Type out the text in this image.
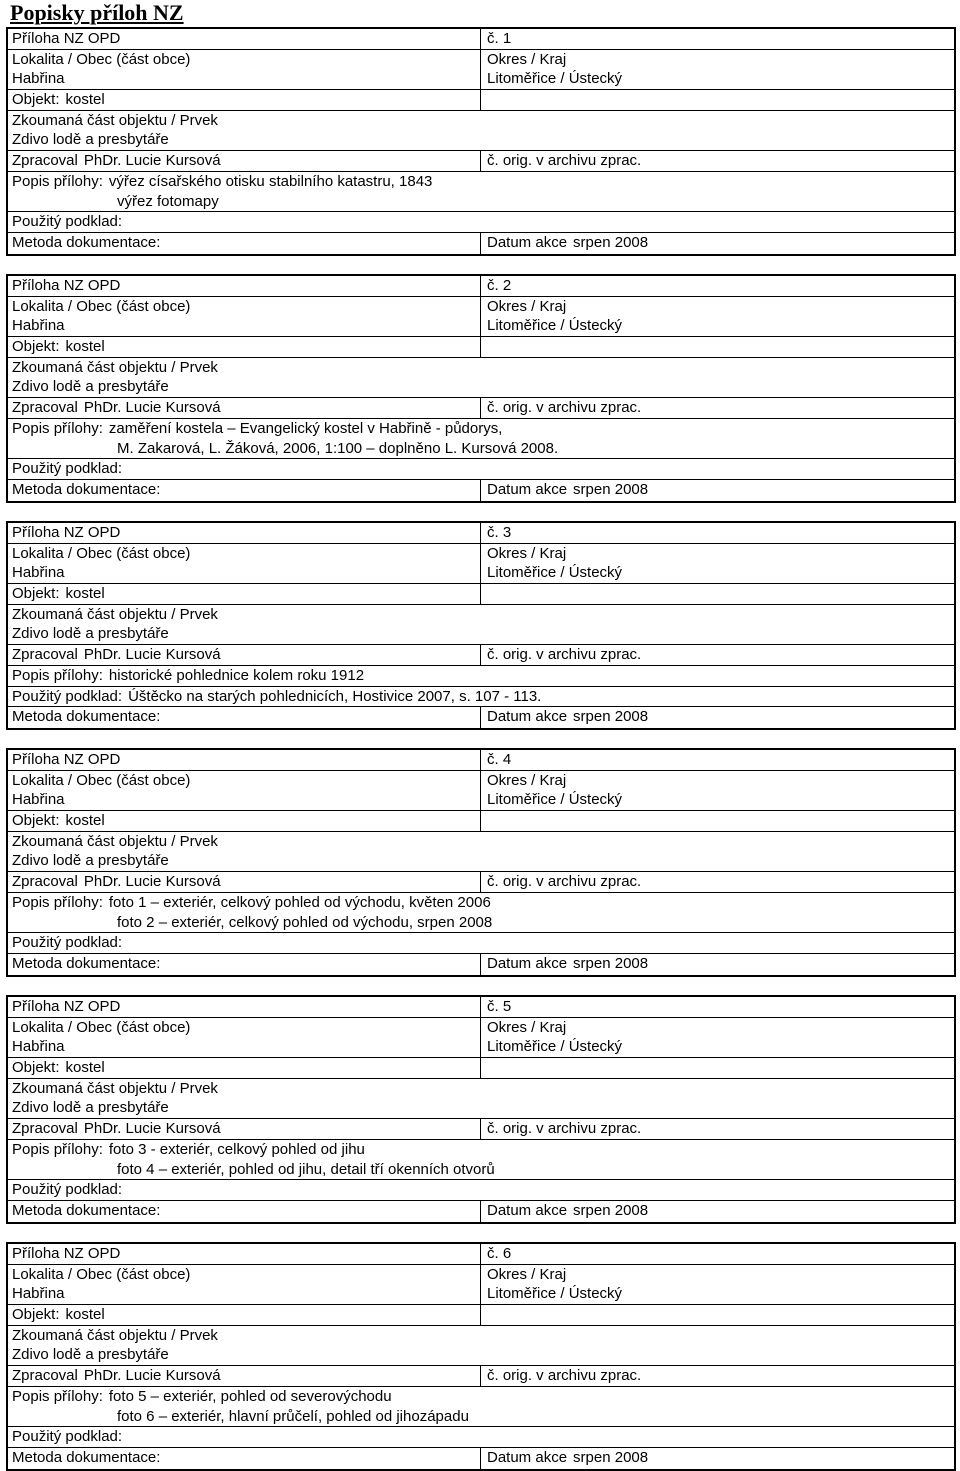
Popisky příloh NZ
Příloha NZ OPD	č. 1
Lokalita / Obec (část obce)
Habřina
Okres / Kraj
Litoměřice / Ústecký
Objekt: kostel
Zkoumaná část objektu / Prvek
Zdivo lodě a presbytáře
Zpracoval PhDr. Lucie Kursová	č. orig. v archivu zprac.
Popis přílohy: výřez císařského otisku stabilního katastru, 1843
výřez fotomapy
Použitý podklad:
Metoda dokumentace:	Datum akce srpen 2008
Příloha NZ OPD	č. 2
Lokalita / Obec (část obce)
Habřina
Okres / Kraj
Litoměřice / Ústecký
Objekt: kostel
Zkoumaná část objektu / Prvek
Zdivo lodě a presbytáře
Zpracoval PhDr. Lucie Kursová	č. orig. v archivu zprac.
Popis přílohy: zaměření kostela – Evangelický kostel v Habřině - půdorys,
M. Zakarová, L. Žáková, 2006, 1:100 – doplněno L. Kursová 2008.
Použitý podklad:
Metoda dokumentace:	Datum akce srpen 2008
Příloha NZ OPD	č. 3
Lokalita / Obec (část obce)
Habřina
Okres / Kraj
Litoměřice / Ústecký
Objekt: kostel
Zkoumaná část objektu / Prvek
Zdivo lodě a presbytáře
Zpracoval PhDr. Lucie Kursová	č. orig. v archivu zprac.
Popis přílohy: historické pohlednice kolem roku 1912
Použitý podklad: Úštěcko na starých pohlednicích, Hostivice 2007, s. 107 - 113.
Metoda dokumentace:	Datum akce srpen 2008
Příloha NZ OPD	č. 4
Lokalita / Obec (část obce)
Habřina
Okres / Kraj
Litoměřice / Ústecký
Objekt: kostel
Zkoumaná část objektu / Prvek
Zdivo lodě a presbytáře
Zpracoval PhDr. Lucie Kursová	č. orig. v archivu zprac.
Popis přílohy: foto 1 – exteriér, celkový pohled od východu, květen 2006
foto 2 – exteriér, celkový pohled od východu, srpen 2008
Použitý podklad:
Metoda dokumentace:	Datum akce srpen 2008
Příloha NZ OPD	č. 5
Lokalita / Obec (část obce)
Habřina
Okres / Kraj
Litoměřice / Ústecký
Objekt: kostel
Zkoumaná část objektu / Prvek
Zdivo lodě a presbytáře
Zpracoval PhDr. Lucie Kursová	č. orig. v archivu zprac.
Popis přílohy: foto 3 - exteriér, celkový pohled od jihu
foto 4 – exteriér, pohled od jihu, detail tří okenních otvorů
Použitý podklad:
Metoda dokumentace:	Datum akce srpen 2008
Příloha NZ OPD	č. 6
Lokalita / Obec (část obce)
Habřina
Okres / Kraj
Litoměřice / Ústecký
Objekt: kostel
Zkoumaná část objektu / Prvek
Zdivo lodě a presbytáře
Zpracoval PhDr. Lucie Kursová	č. orig. v archivu zprac.
Popis přílohy: foto 5 – exteriér, pohled od severovýchodu
foto 6 – exteriér, hlavní průčelí, pohled od jihozápadu
Použitý podklad:
Metoda dokumentace:	Datum akce srpen 2008
